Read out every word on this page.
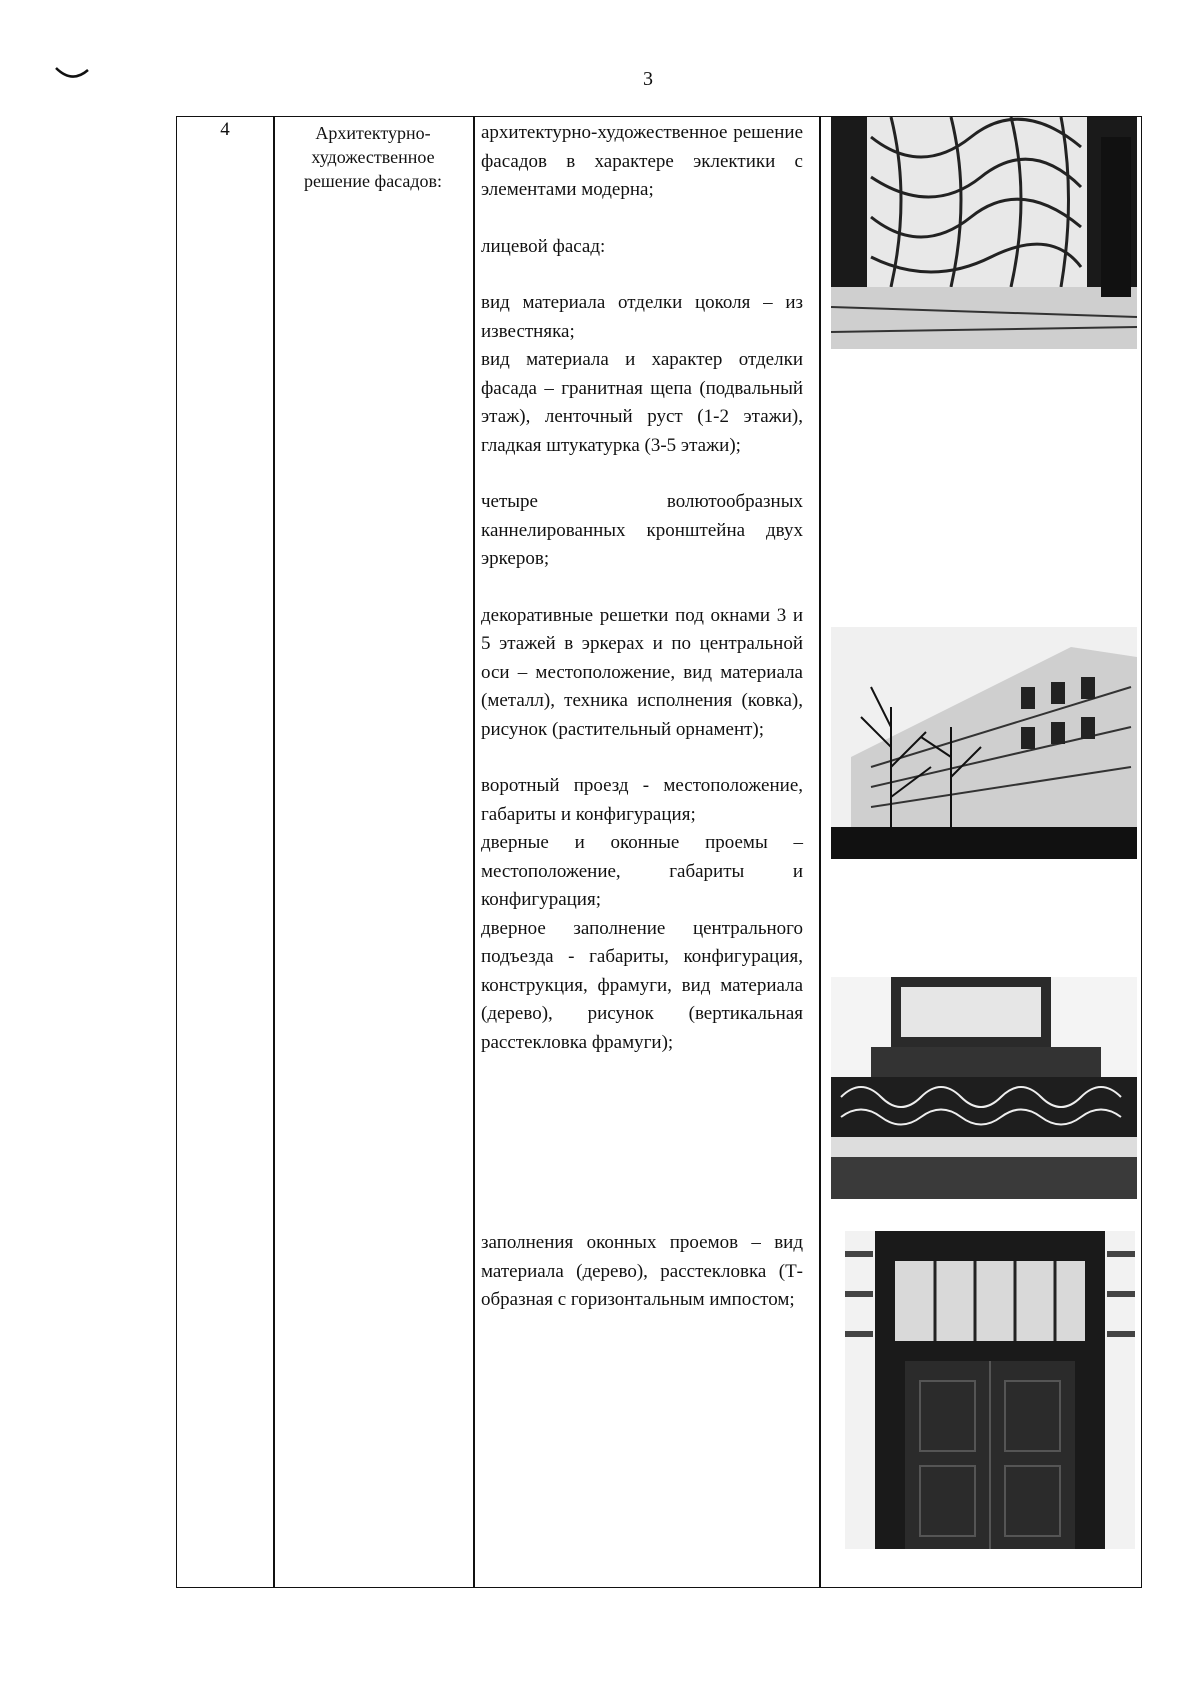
3
4	Архитектурно-
художественное
решение фасадов:

архитектурно-художественное решение фасадов в характере эклектики с элементами модерна;

лицевой фасад:

вид материала отделки цоколя – из известняка;

вид материала и характер отделки фасада – гранитная щепа (подвальный этаж), ленточный руст (1-2 этажи), гладкая штукатурка (3-5 этажи);

четыре волютообразных каннелированных кронштейна двух эркеров;

декоративные решетки под окнами 3 и 5 этажей в эркерах и по центральной оси – местоположение, вид материала (металл), техника исполнения (ковка), рисунок (растительный орнамент);

воротный проезд - местоположение, габариты и конфигурация;

дверные и оконные проемы – местоположение, габариты и конфигурация;

дверное заполнение центрального подъезда - габариты, конфигурация, конструкция, фрамуги, вид материала (дерево), рисунок (вертикальная расстекловка фрамуги);

заполнения оконных проемов – вид материала (дерево), расстекловка (Т-образная с горизонтальным импостом;
